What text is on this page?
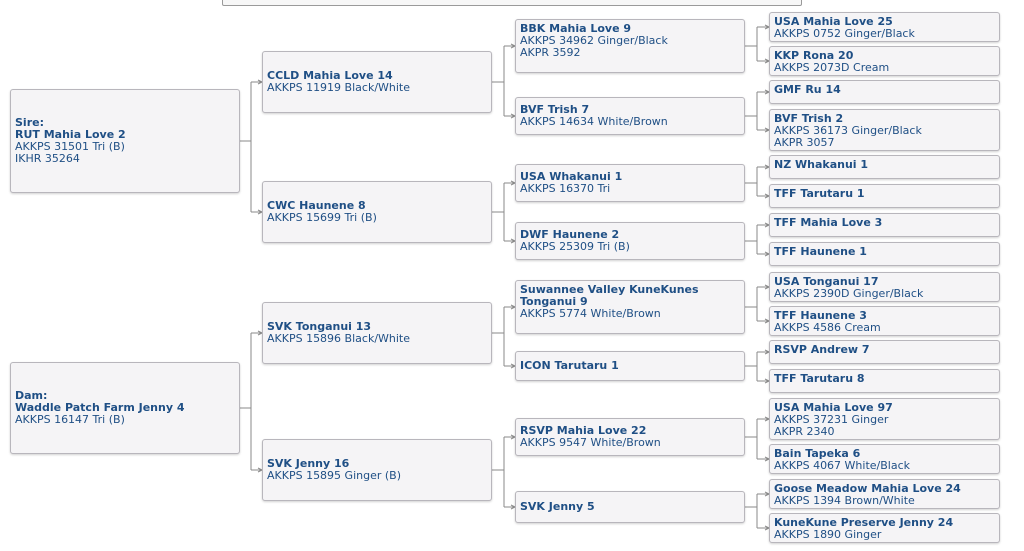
Sire:
RUT Mahia Love 2
AKKPS 31501 Tri (B)
IKHR 35264
Dam:
Waddle Patch Farm Jenny 4
AKKPS 16147 Tri (B)
CCLD Mahia Love 14
AKKPS 11919 Black/White
CWC Haunene 8
AKKPS 15699 Tri (B)
SVK Tonganui 13
AKKPS 15896 Black/White
SVK Jenny 16
AKKPS 15895 Ginger (B)
BBK Mahia Love 9
AKKPS 34962 Ginger/Black
AKPR 3592
BVF Trish 7
AKKPS 14634 White/Brown
USA Whakanui 1
AKKPS 16370 Tri
DWF Haunene 2
AKKPS 25309 Tri (B)
Suwannee Valley KuneKunes
Tonganui 9
AKKPS 5774 White/Brown
ICON Tarutaru 1
RSVP Mahia Love 22
AKKPS 9547 White/Brown
SVK Jenny 5
USA Mahia Love 25
AKKPS 0752 Ginger/Black
KKP Rona 20
AKKPS 2073D Cream
GMF Ru 14
BVF Trish 2
AKKPS 36173 Ginger/Black
AKPR 3057
NZ Whakanui 1
TFF Tarutaru 1
TFF Mahia Love 3
TFF Haunene 1
USA Tonganui 17
AKKPS 2390D Ginger/Black
TFF Haunene 3
AKKPS 4586 Cream
RSVP Andrew 7
TFF Tarutaru 8
USA Mahia Love 97
AKKPS 37231 Ginger
AKPR 2340
Bain Tapeka 6
AKKPS 4067 White/Black
Goose Meadow Mahia Love 24
AKKPS 1394 Brown/White
KuneKune Preserve Jenny 24
AKKPS 1890 Ginger
